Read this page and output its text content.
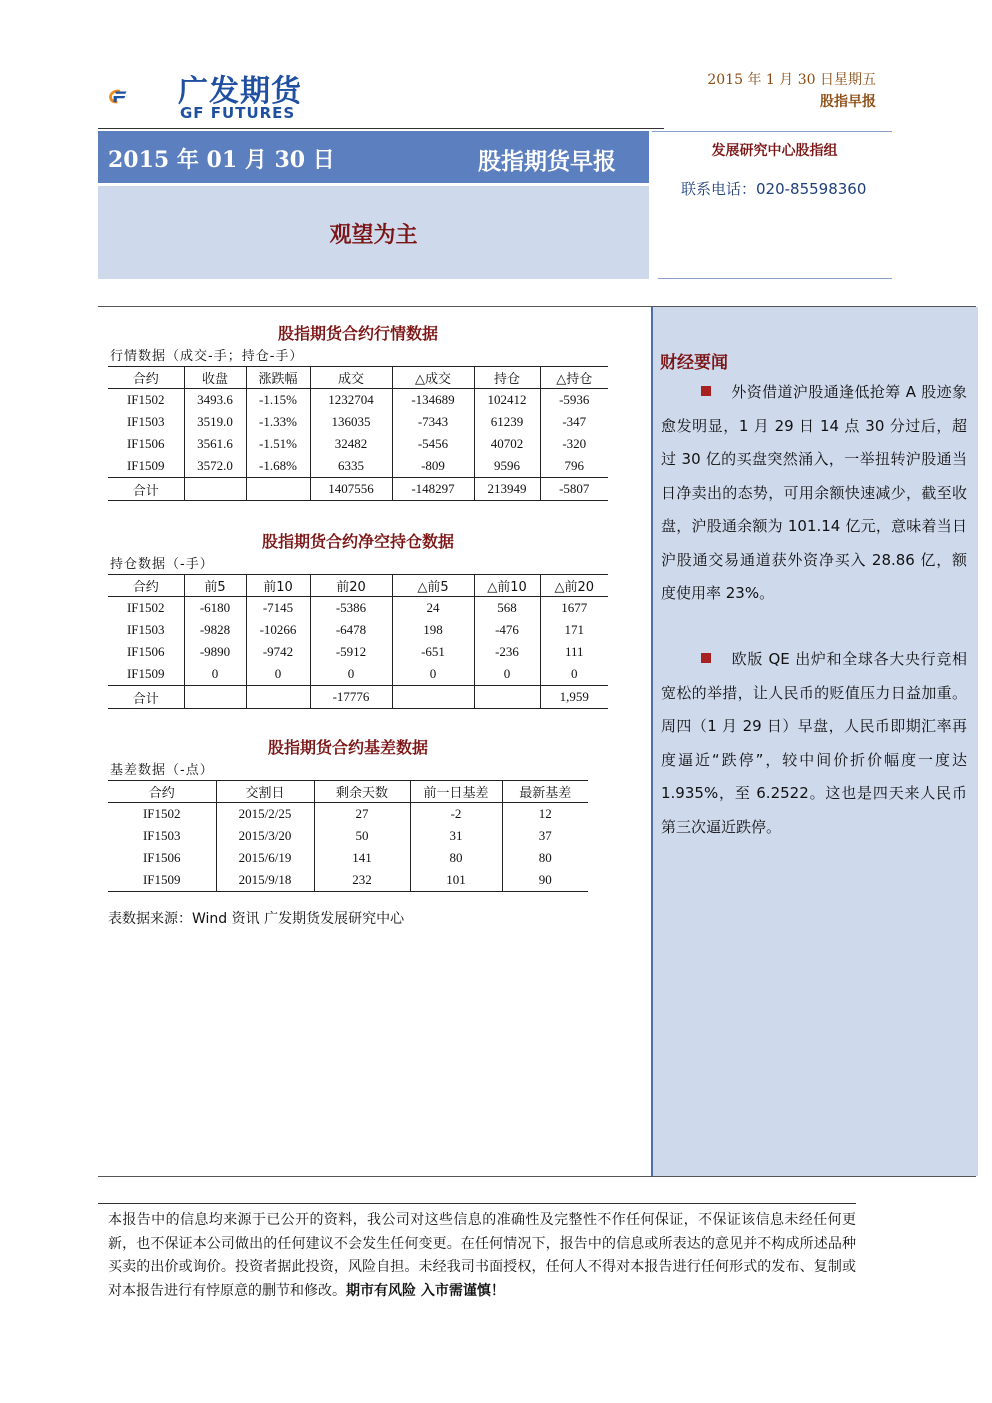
广发期货
GF FUTURES
2015 年 1 月 30 日星期五
股指早报
2015 年 01 月 30 日	股指期货早报
观望为主
发展研究中心股指组
联系电话：020-85598360
股指期货合约行情数据
行情数据（成交-手；持仓-手）
合约	收盘	涨跌幅	成交	△成交	持仓	△持仓
IF1502	3493.6	-1.15%	1232704	-134689	102412	-5936
IF1503	3519.0	-1.33%	136035	-7343	61239	-347
IF1506	3561.6	-1.51%	32482	-5456	40702	-320
IF1509	3572.0	-1.68%	6335	-809	9596	796
合计			1407556	-148297	213949	-5807
股指期货合约净空持仓数据
持仓数据（-手）
合约	前5	前10	前20	△前5	△前10	△前20
IF1502	-6180	-7145	-5386	24	568	1677
IF1503	-9828	-10266	-6478	198	-476	171
IF1506	-9890	-9742	-5912	-651	-236	111
IF1509	0	0	0	0	0	0
合计			-17776			1,959
股指期货合约基差数据
基差数据（-点）
合约	交割日	剩余天数	前一日基差	最新基差
IF1502	2015/2/25	27	-2	12
IF1503	2015/3/20	50	31	37
IF1506	2015/6/19	141	80	80
IF1509	2015/9/18	232	101	90
表数据来源：Wind 资讯 广发期货发展研究中心
财经要闻
外资借道沪股通逢低抢筹 A 股迹象愈发明显，1 月 29 日 14 点 30 分过后，超过 30 亿的买盘突然涌入，一举扭转沪股通当日净卖出的态势，可用余额快速减少，截至收盘，沪股通余额为 101.14 亿元，意味着当日沪股通交易通道获外资净买入 28.86 亿，额度使用率 23%。
欧版 QE 出炉和全球各大央行竞相宽松的举措，让人民币的贬值压力日益加重。周四（1 月 29 日）早盘，人民币即期汇率再度逼近“跌停”，较中间价折价幅度一度达 1.935%，至 6.2522。这也是四天来人民币第三次逼近跌停。
本报告中的信息均来源于已公开的资料，我公司对这些信息的准确性及完整性不作任何保证，不保证该信息未经任何更新，也不保证本公司做出的任何建议不会发生任何变更。在任何情况下，报告中的信息或所表达的意见并不构成所述品种买卖的出价或询价。投资者据此投资，风险自担。未经我司书面授权，任何人不得对本报告进行任何形式的发布、复制或对本报告进行有悖原意的删节和修改。期市有风险 入市需谨慎！
